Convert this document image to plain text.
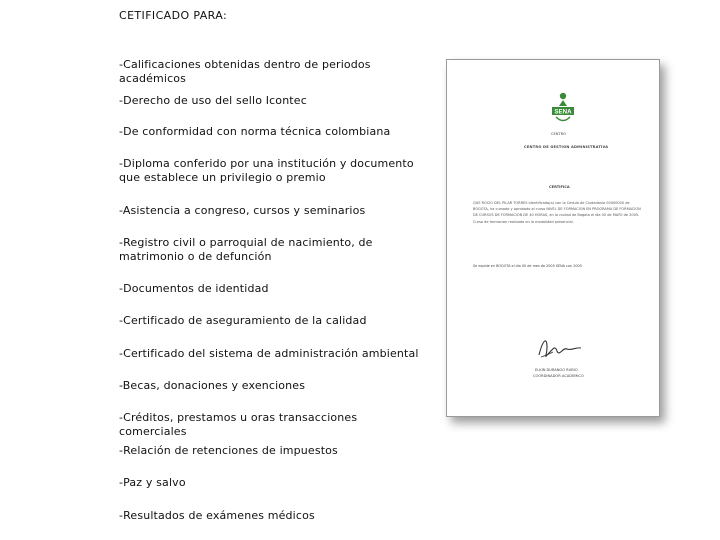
CETIFICADO PARA:
-Calificaciones obtenidas dentro de periodos académicos
-Derecho de uso del sello Icontec
-De conformidad con norma técnica colombiana
-Diploma conferido por una institución y documento que establece un privilegio o premio
-Asistencia a congreso, cursos y seminarios
-Registro civil o parroquial de nacimiento, de matrimonio o de defunción
-Documentos de identidad
-Certificado de aseguramiento de la calidad
-Certificado del sistema de administración ambiental
-Becas, donaciones y exenciones
-Créditos, prestamos u oras transacciones comerciales
-Relación de retenciones de impuestos
-Paz y salvo
-Resultados de exámenes médicos
SENA
CENTRO
CENTRO DE GESTION ADMINISTRATIVA
CERTIFICA
QUE ROCIO DEL PILAR TORRES identificado(a) con la Cedula de Ciudadania 00000000 de BOGOTA, ha cursado y aprobado el curso NIVEL DE FORMACION EN PROGRAMA DE FORMACION DE CURSOS DE FORMACION DE 40 HORAS, en la ciudad de Bogota el dia 00 de MAYO de 2005. Curso de formacion realizado en la modalidad presencial.
Se expide en BOGOTA el dia 00 de mes de 2005 SENA con 2005
ELKIN DURANGO RUBIO
COORDINADOR ACADEMICO
